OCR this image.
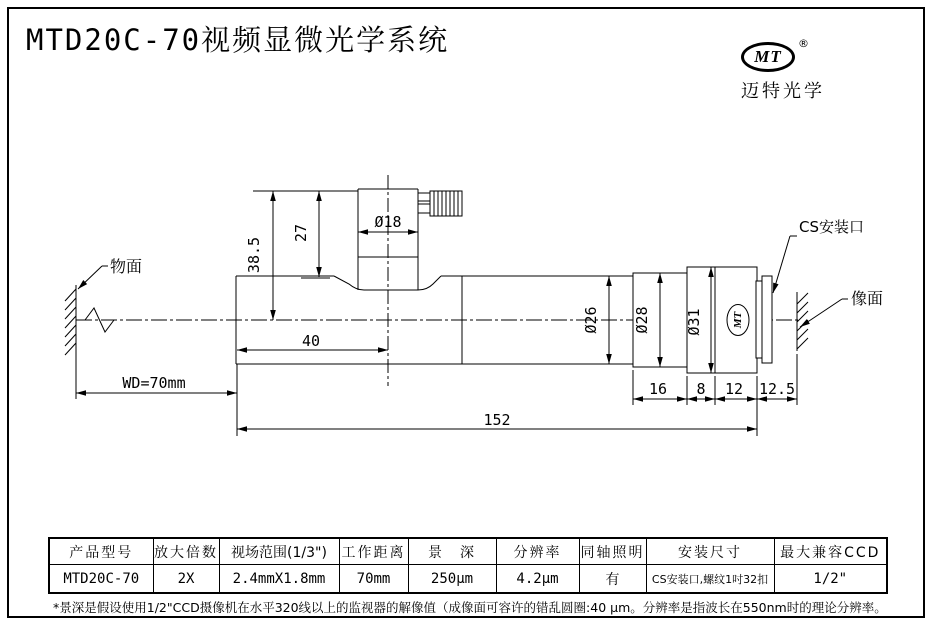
MTD20C-70视频显微光学系统	MT
®
迈特光学
物面
像面
MT
CS安装口
Ø18
38.5
27
40
Ø26 Ø28 Ø31
16 8 12 12.5
WD=70mm
152
产品型号	放大倍数	视场范围(1/3")	工作距离	景　深	分辨率	同轴照明	安装尺寸	最大兼容CCD
MTD20C-70	2X	2.4mmX1.8mm	70mm	250μm	4.2μm	有	CS安装口,螺纹1吋32扣	1/2"
*景深是假设使用1/2"CCD摄像机在水平320线以上的监视器的解像值（成像面可容许的错乱圆圈:40 μm。分辨率是指波长在550nm时的理论分辨率。
